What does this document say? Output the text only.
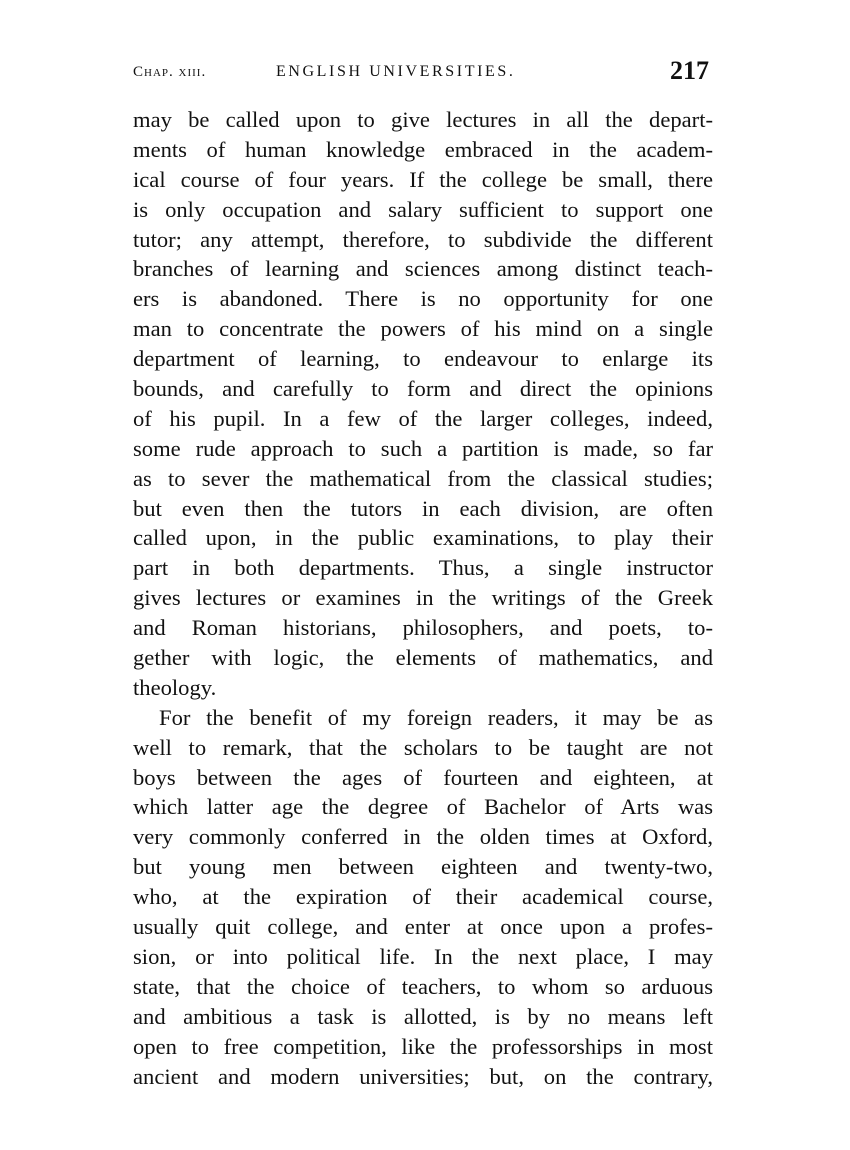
Chap. xiii.	ENGLISH UNIVERSITIES.	217
may be called upon to give lectures in all the depart-
ments of human knowledge embraced in the academ-
ical course of four years. If the college be small, there
is only occupation and salary sufficient to support one
tutor; any attempt, therefore, to subdivide the different
branches of learning and sciences among distinct teach-
ers is abandoned. There is no opportunity for one
man to concentrate the powers of his mind on a single
department of learning, to endeavour to enlarge its
bounds, and carefully to form and direct the opinions
of his pupil. In a few of the larger colleges, indeed,
some rude approach to such a partition is made, so far
as to sever the mathematical from the classical studies;
but even then the tutors in each division, are often
called upon, in the public examinations, to play their
part in both departments. Thus, a single instructor
gives lectures or examines in the writings of the Greek
and Roman historians, philosophers, and poets, to-
gether with logic, the elements of mathematics, and
theology.
For the benefit of my foreign readers, it may be as
well to remark, that the scholars to be taught are not
boys between the ages of fourteen and eighteen, at
which latter age the degree of Bachelor of Arts was
very commonly conferred in the olden times at Oxford,
but young men between eighteen and twenty-two,
who, at the expiration of their academical course,
usually quit college, and enter at once upon a profes-
sion, or into political life. In the next place, I may
state, that the choice of teachers, to whom so arduous
and ambitious a task is allotted, is by no means left
open to free competition, like the professorships in most
ancient and modern universities; but, on the contrary,
